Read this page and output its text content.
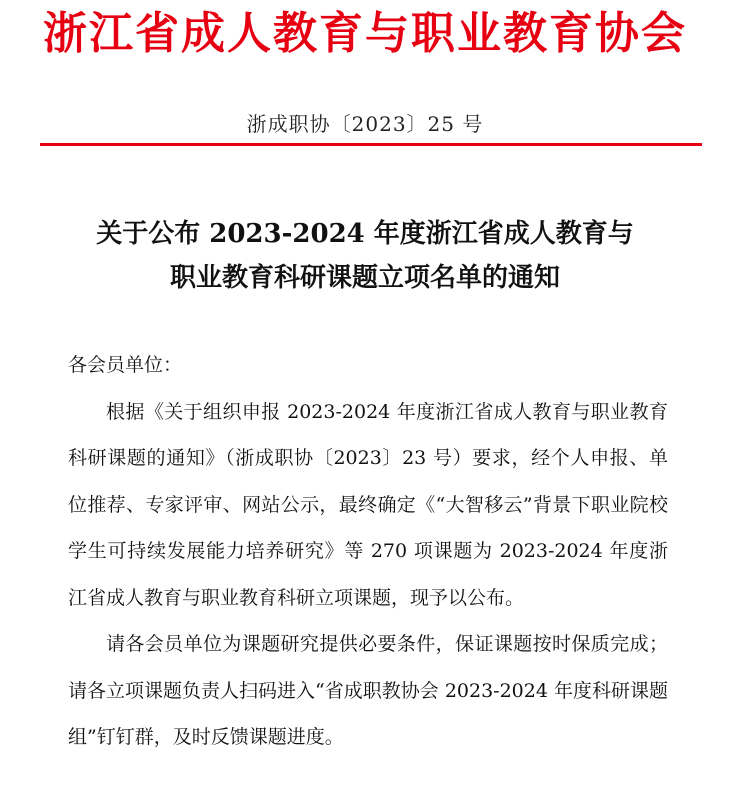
浙江省成人教育与职业教育协会
浙成职协〔2023〕25 号
关于公布 2023-2024 年度浙江省成人教育与
职业教育科研课题立项名单的通知

各会员单位：

根据《关于组织申报 2023-2024 年度浙江省成人教育与职业教育科研课题的通知》（浙成职协〔2023〕23 号）要求，经个人申报、单位推荐、专家评审、网站公示，最终确定《“大智移云”背景下职业院校学生可持续发展能力培养研究》等 270 项课题为 2023-2024 年度浙江省成人教育与职业教育科研立项课题，现予以公布。

请各会员单位为课题研究提供必要条件，保证课题按时保质完成；请各立项课题负责人扫码进入“省成职教协会 2023-2024 年度科研课题组”钉钉群，及时反馈课题进度。
